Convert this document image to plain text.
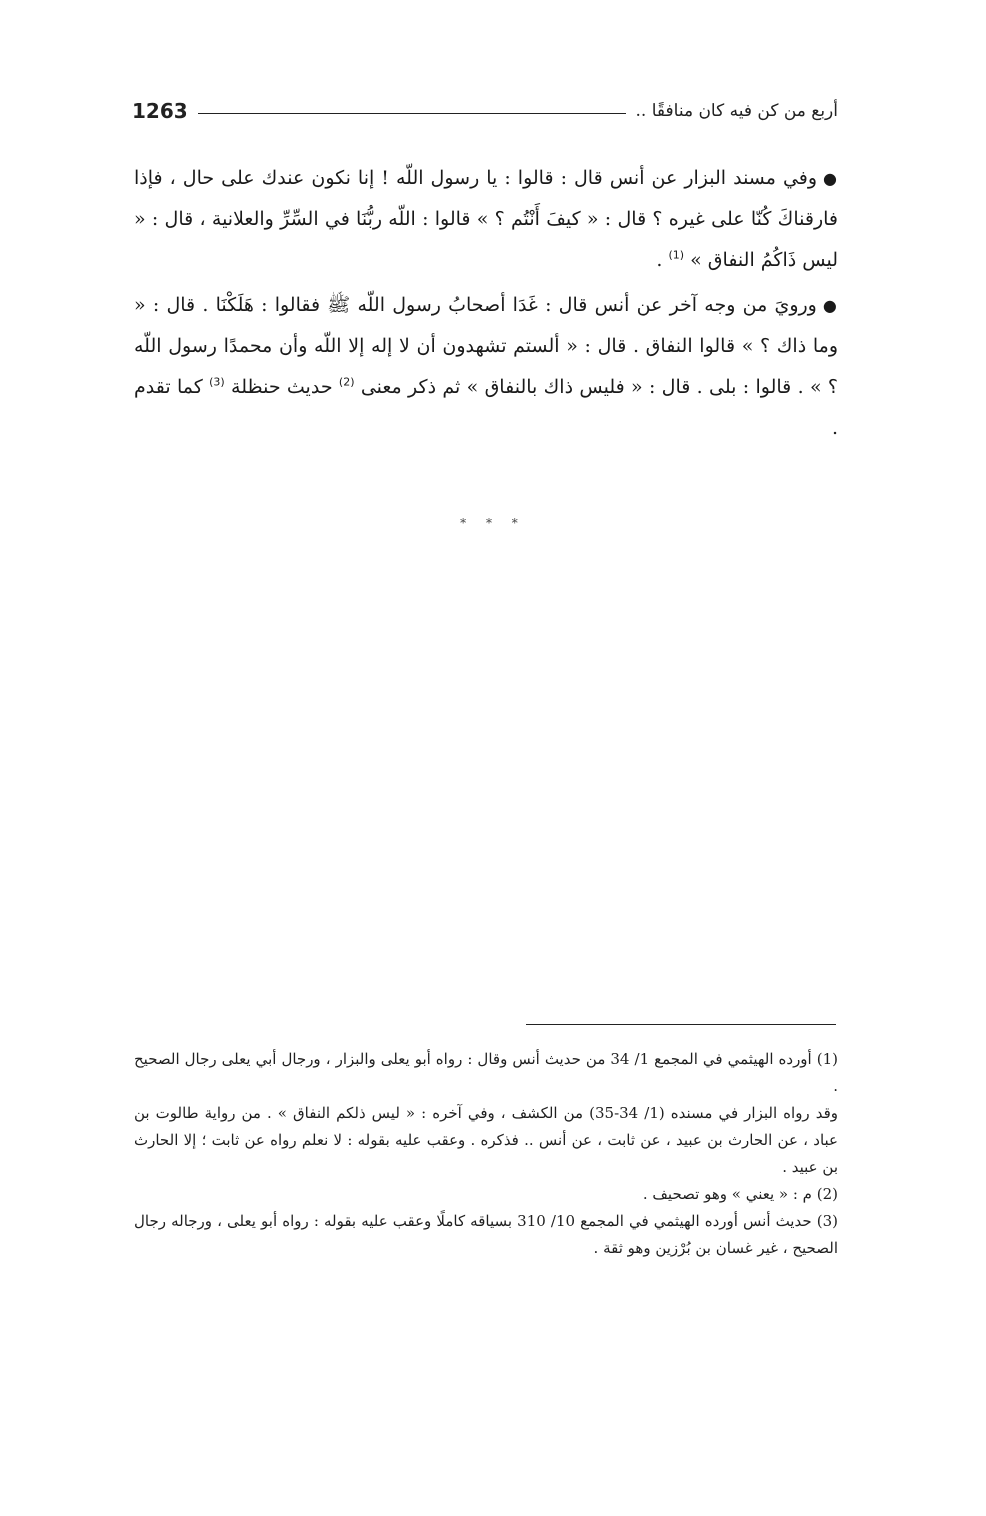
1263	أربع من كن فيه كان منافقًا ..

●وفي مسند البزار عن أنس قال : قالوا : يا رسول اللّه ! إنا نكون عندك على حال ، فإذا فارقناكَ كُنّا على غيره ؟ قال : « كيفَ أَنْتُم ؟ » قالوا : اللّه ربُّنَا في السِّرِّ والعلانية ، قال : « ليس ذَاكُمُ النفاق » $^{(1)}$ .

●ورويَ من وجه آخر عن أنس قال : غَدَا أصحابُ رسول اللّه ﷺ فقالوا : هَلَكْنَا . قال : « وما ذاك ؟ » قالوا النفاق . قال : « ألستم تشهدون أن لا إله إلا اللّه وأن محمدًا رسول اللّه ؟ » . قالوا : بلى . قال : « فليس ذاك بالنفاق » ثم ذكر معنى $^{(2)}$ حديث حنظلة $^{(3)}$ كما تقدم .

* * *

(1) أورده الهيثمي في المجمع 1/ 34 من حديث أنس وقال : رواه أبو يعلى والبزار ، ورجال أبي يعلى رجال الصحيح .

وقد رواه البزار في مسنده (1/ 34-35) من الكشف ، وفي آخره : « ليس ذلكم النفاق » . من رواية طالوت بن عباد ، عن الحارث بن عبيد ، عن ثابت ، عن أنس .. فذكره . وعقب عليه بقوله : لا نعلم رواه عن ثابت ؛ إلا الحارث بن عبيد .

(2) م : « يعني » وهو تصحيف .

(3) حديث أنس أورده الهيثمي في المجمع 10/ 310 بسياقه كاملًا وعقب عليه بقوله : رواه أبو يعلى ، ورجاله رجال الصحيح ، غير غسان بن بُرْزين وهو ثقة .
